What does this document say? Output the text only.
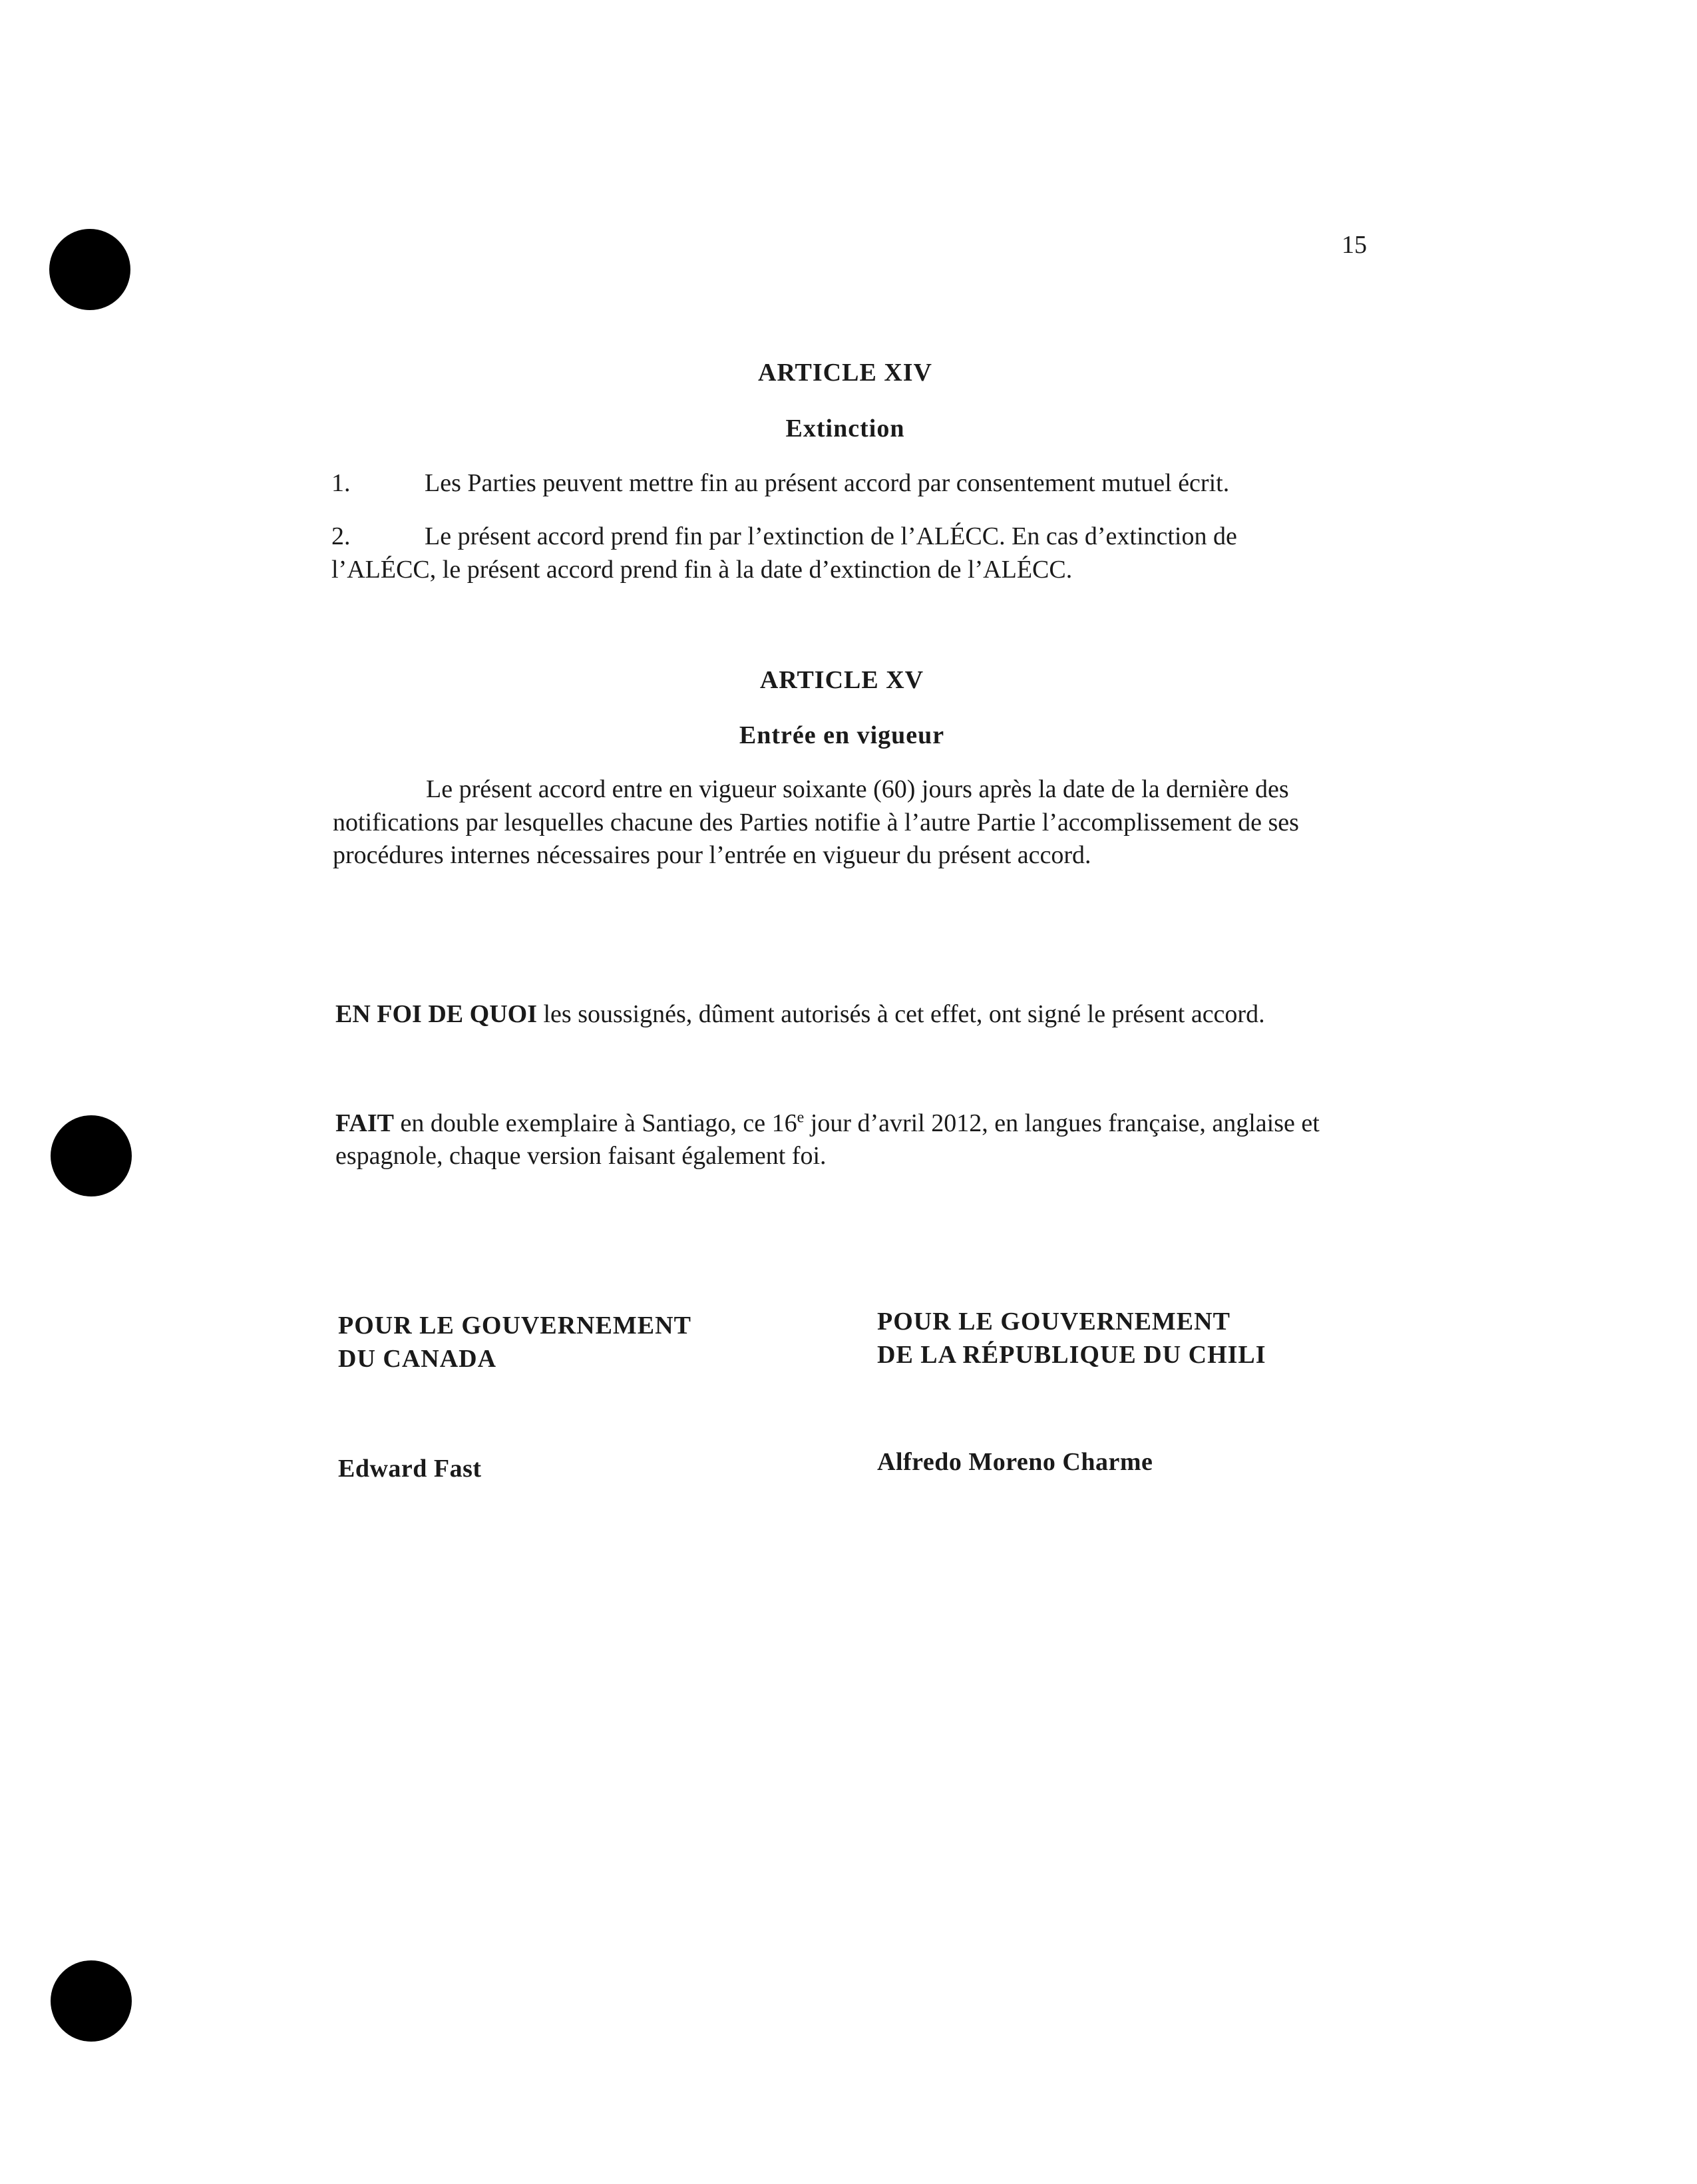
15
ARTICLE XIV
Extinction
1.	Les Parties peuvent mettre fin au présent accord par consentement mutuel écrit.
2.	Le présent accord prend fin par l’extinction de l’ALÉCC. En cas d’extinction de
l’ALÉCC, le présent accord prend fin à la date d’extinction de l’ALÉCC.
ARTICLE XV
Entrée en vigueur
Le présent accord entre en vigueur soixante (60) jours après la date de la dernière des
notifications par lesquelles chacune des Parties notifie à l’autre Partie l’accomplissement de ses
procédures internes nécessaires pour l’entrée en vigueur du présent accord.
EN FOI DE QUOI les soussignés, dûment autorisés à cet effet, ont signé le présent accord.
FAIT en double exemplaire à Santiago, ce 16e jour d’avril 2012, en langues française, anglaise et
espagnole, chaque version faisant également foi.
POUR LE GOUVERNEMENT
DU CANADA
POUR LE GOUVERNEMENT
DE LA RÉPUBLIQUE DU CHILI
Edward Fast	Alfredo Moreno Charme
